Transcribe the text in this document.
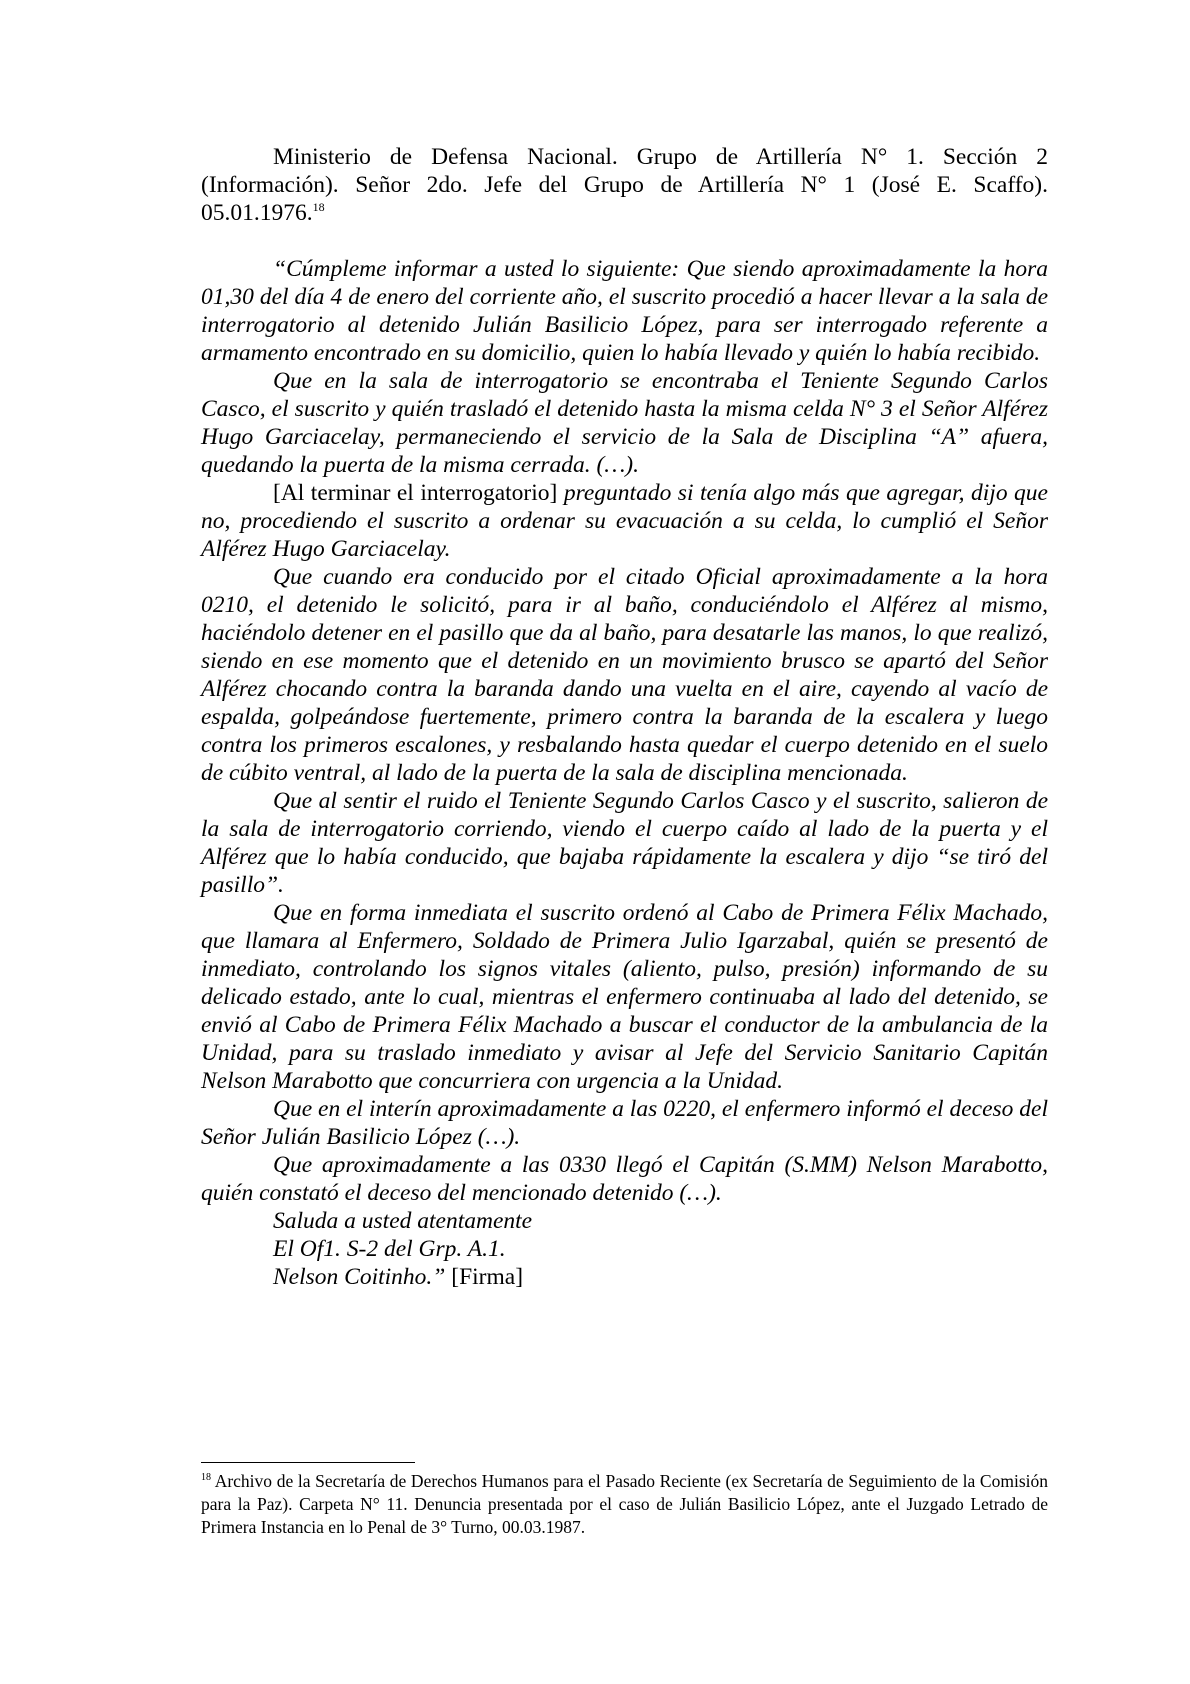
Ministerio de Defensa Nacional. Grupo de Artillería N° 1. Sección 2 (Información). Señor 2do. Jefe del Grupo de Artillería N° 1 (José E. Scaffo). 05.01.1976.18

“Cúmpleme informar a usted lo siguiente: Que siendo aproximadamente la hora 01,30 del día 4 de enero del corriente año, el suscrito procedió a hacer llevar a la sala de interrogatorio al detenido Julián Basilicio López, para ser interrogado referente a armamento encontrado en su domicilio, quien lo había llevado y quién lo había recibido.

Que en la sala de interrogatorio se encontraba el Teniente Segundo Carlos Casco, el suscrito y quién trasladó el detenido hasta la misma celda N° 3 el Señor Alférez Hugo Garciacelay, permaneciendo el servicio de la Sala de Disciplina “A” afuera, quedando la puerta de la misma cerrada. (…).

[Al terminar el interrogatorio] preguntado si tenía algo más que agregar, dijo que no, procediendo el suscrito a ordenar su evacuación a su celda, lo cumplió el Señor Alférez Hugo Garciacelay.

Que cuando era conducido por el citado Oficial aproximadamente a la hora 0210, el detenido le solicitó, para ir al baño, conduciéndolo el Alférez al mismo, haciéndolo detener en el pasillo que da al baño, para desatarle las manos, lo que realizó, siendo en ese momento que el detenido en un movimiento brusco se apartó del Señor Alférez chocando contra la baranda dando una vuelta en el aire, cayendo al vacío de espalda, golpeándose fuertemente, primero contra la baranda de la escalera y luego contra los primeros escalones, y resbalando hasta quedar el cuerpo detenido en el suelo de cúbito ventral, al lado de la puerta de la sala de disciplina mencionada.

Que al sentir el ruido el Teniente Segundo Carlos Casco y el suscrito, salieron de la sala de interrogatorio corriendo, viendo el cuerpo caído al lado de la puerta y el Alférez que lo había conducido, que bajaba rápidamente la escalera y dijo “se tiró del pasillo”.

Que en forma inmediata el suscrito ordenó al Cabo de Primera Félix Machado, que llamara al Enfermero, Soldado de Primera Julio Igarzabal, quién se presentó de inmediato, controlando los signos vitales (aliento, pulso, presión) informando de su delicado estado, ante lo cual, mientras el enfermero continuaba al lado del detenido, se envió al Cabo de Primera Félix Machado a buscar el conductor de la ambulancia de la Unidad, para su traslado inmediato y avisar al Jefe del Servicio Sanitario Capitán Nelson Marabotto que concurriera con urgencia a la Unidad.

Que en el interín aproximadamente a las 0220, el enfermero informó el deceso del Señor Julián Basilicio López (…).

Que aproximadamente a las 0330 llegó el Capitán (S.MM) Nelson Marabotto, quién constató el deceso del mencionado detenido (…).

Saluda a usted atentamente

El Of1. S-2 del Grp. A.1.

Nelson Coitinho.” [Firma]

$^{18}$ Archivo de la Secretaría de Derechos Humanos para el Pasado Reciente (ex Secretaría de Seguimiento de la Comisión para la Paz). Carpeta N° 11. Denuncia presentada por el caso de Julián Basilicio López, ante el Juzgado Letrado de Primera Instancia en lo Penal de 3° Turno, 00.03.1987.
